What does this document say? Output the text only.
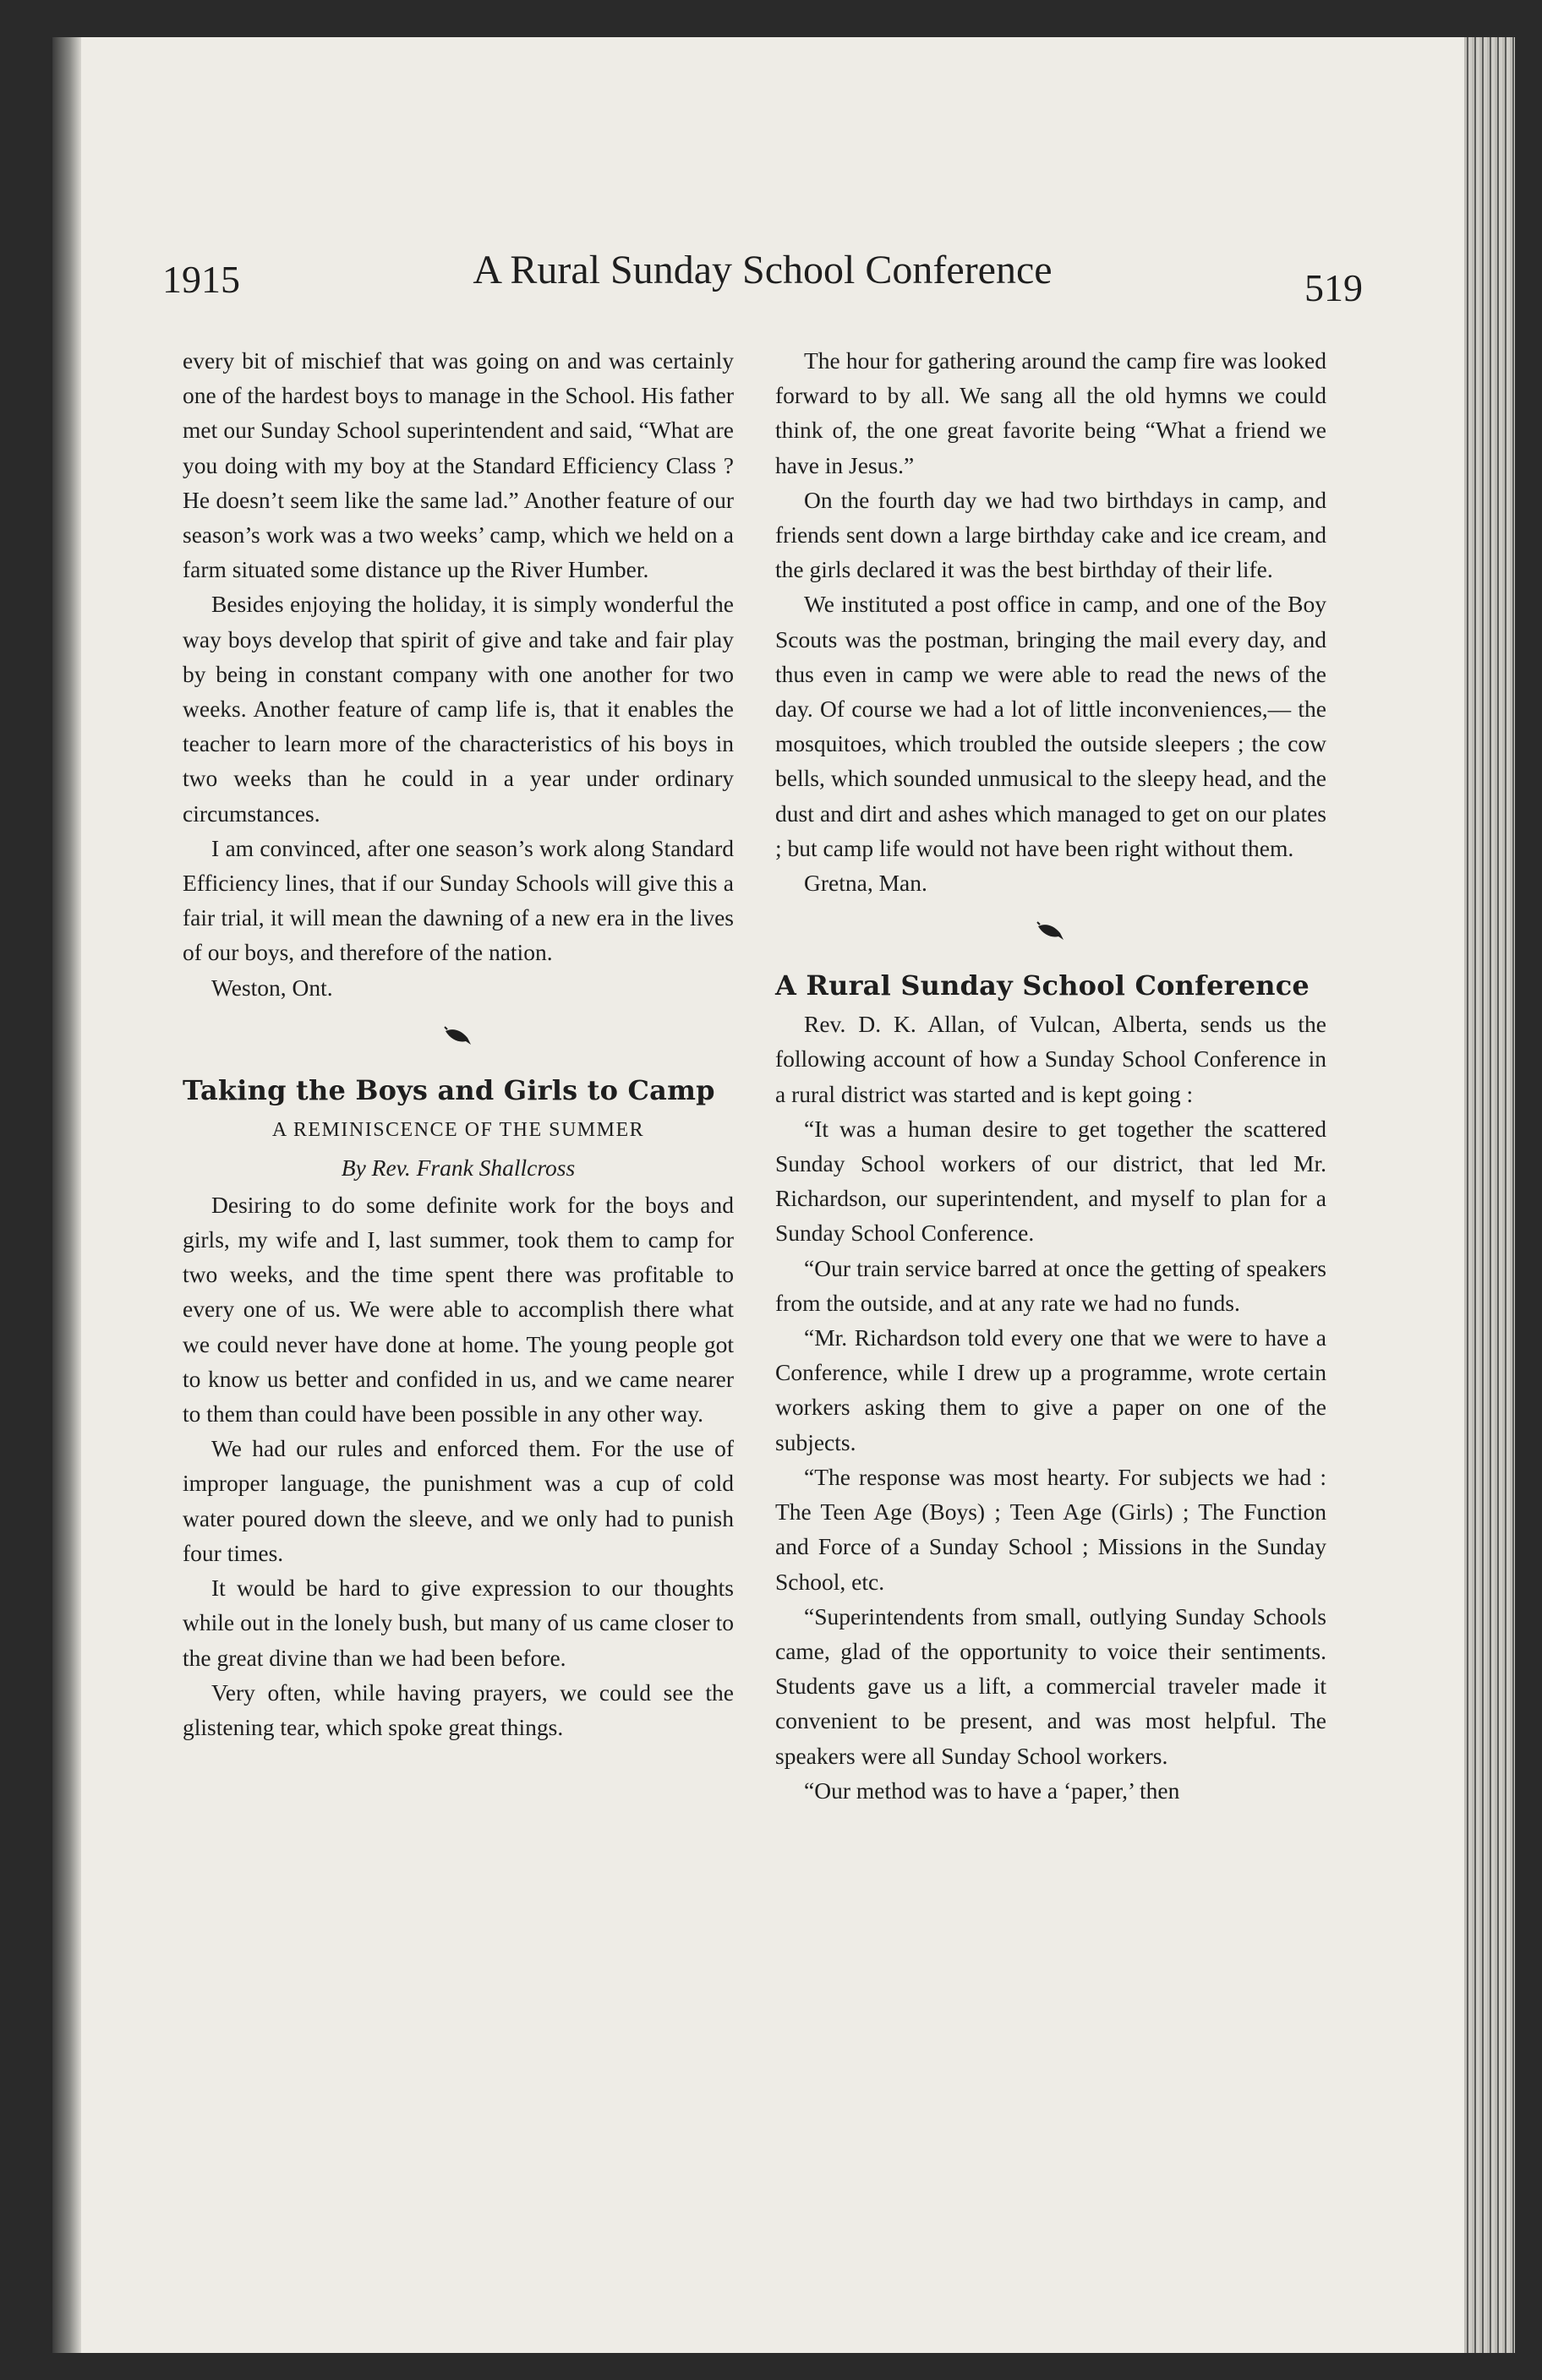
1915	A Rural Sunday School Conference	519

every bit of mischief that was going on and was certainly one of the hardest boys to manage in the School. His father met our Sunday School superintendent and said, “What are you doing with my boy at the Standard Efficiency Class ? He doesn’t seem like the same lad.” Another feature of our season’s work was a two weeks’ camp, which we held on a farm situated some distance up the River Humber.

Besides enjoying the holiday, it is simply wonderful the way boys develop that spirit of give and take and fair play by being in constant company with one another for two weeks. Another feature of camp life is, that it enables the teacher to learn more of the characteristics of his boys in two weeks than he could in a year under ordinary circumstances.

I am convinced, after one season’s work along Standard Efficiency lines, that if our Sunday Schools will give this a fair trial, it will mean the dawning of a new era in the lives of our boys, and therefore of the nation.

Weston, Ont.

Taking the Boys and Girls to Camp
A REMINISCENCE OF THE SUMMER
By Rev. Frank Shallcross

Desiring to do some definite work for the boys and girls, my wife and I, last summer, took them to camp for two weeks, and the time spent there was profitable to every one of us. We were able to accomplish there what we could never have done at home. The young people got to know us better and confided in us, and we came nearer to them than could have been possible in any other way.

We had our rules and enforced them. For the use of improper language, the punishment was a cup of cold water poured down the sleeve, and we only had to punish four times.

It would be hard to give expression to our thoughts while out in the lonely bush, but many of us came closer to the great divine than we had been before.

Very often, while having prayers, we could see the glistening tear, which spoke great things.

The hour for gathering around the camp fire was looked forward to by all. We sang all the old hymns we could think of, the one great favorite being “What a friend we have in Jesus.”

On the fourth day we had two birthdays in camp, and friends sent down a large birthday cake and ice cream, and the girls declared it was the best birthday of their life.

We instituted a post office in camp, and one of the Boy Scouts was the postman, bringing the mail every day, and thus even in camp we were able to read the news of the day. Of course we had a lot of little inconveniences,— the mosquitoes, which troubled the outside sleepers ; the cow bells, which sounded unmusical to the sleepy head, and the dust and dirt and ashes which managed to get on our plates ; but camp life would not have been right without them.

Gretna, Man.

A Rural Sunday School Conference

Rev. D. K. Allan, of Vulcan, Alberta, sends us the following account of how a Sunday School Conference in a rural district was started and is kept going :

“It was a human desire to get together the scattered Sunday School workers of our district, that led Mr. Richardson, our superintendent, and myself to plan for a Sunday School Conference.

“Our train service barred at once the getting of speakers from the outside, and at any rate we had no funds.

“Mr. Richardson told every one that we were to have a Conference, while I drew up a programme, wrote certain workers asking them to give a paper on one of the subjects.

“The response was most hearty. For subjects we had : The Teen Age (Boys) ; Teen Age (Girls) ; The Function and Force of a Sunday School ; Missions in the Sunday School, etc.

“Superintendents from small, outlying Sunday Schools came, glad of the opportunity to voice their sentiments. Students gave us a lift, a commercial traveler made it convenient to be present, and was most helpful. The speakers were all Sunday School workers.

“Our method was to have a ‘paper,’ then
